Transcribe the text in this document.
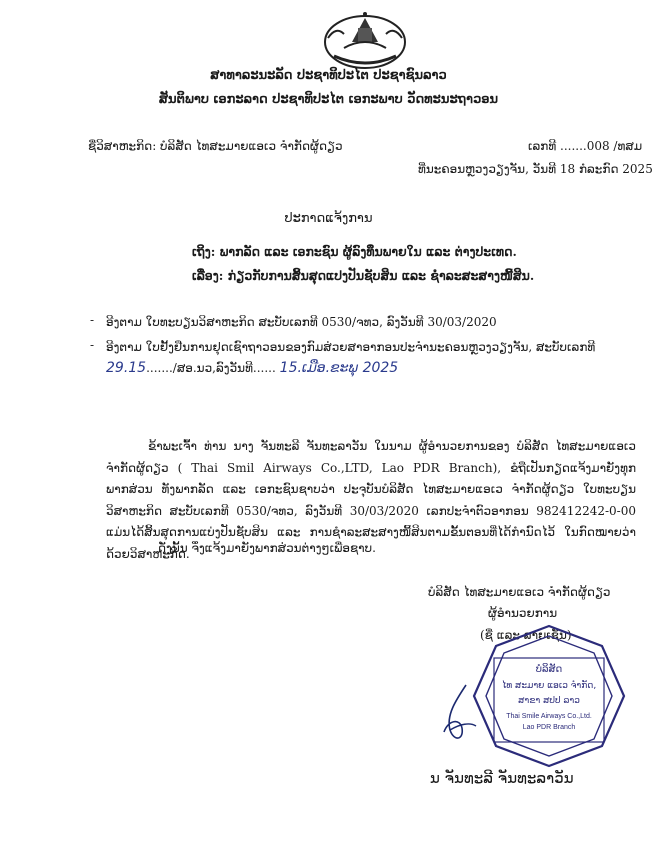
ສາທາລະນະລັດ ປະຊາທິປະໄຕ ປະຊາຊົນລາວ
ສັນຕິພາບ ເອກະລາດ ປະຊາທິປະໄຕ ເອກະພາບ ວັດທະນະຖາວອນ
ຊື່ວິສາຫະກິດ: ບໍລິສັດ ໄທສະມາຍແອເວ ຈຳກັດຜູ້ດຽວ	ເລກທີ .......008 /ທສມ
ທີ່ນະຄອນຫຼວງວຽງຈັນ, ວັນທີ 18 ກໍລະກົດ 2025
ປະກາດແຈ້ງການ
ເຖິງ: ພາກລັດ ແລະ ເອກະຊົນ ຜູ້ລົງທຶນພາຍໃນ ແລະ ຕ່າງປະເທດ.
ເລື່ອງ: ກ່ຽວກັບການສິ້ນສຸດແປງປັນຊັບສິນ ແລະ ຊຳລະສະສາງໜີ້ສິນ.
- ອີງຕາມ ໃບທະບຽນວິສາຫະກິດ ສະບັບເລກທີ 0530/ຈທວ, ລົງວັນທີ 30/03/2020
- ອີງຕາມ ໃບຢັ້ງຢືນການຢຸດເຊົາຖາວອນຂອງກົມສ່ວຍສາອາກອນປະຈຳນະຄອນຫຼວງວຽງຈັນ, ສະບັບເລກທີ
29.15......./ສອ.ນວ,ລົງວັນທີ...... 15.ເມືອ.ຂະພຸ 2025
ຂ້າພະເຈົ້າ ທ່ານ ນາງ ຈັນທະລີ ຈັນທະລາວັນ ໃນນາມ ຜູ້ອຳນວຍການຂອງ ບໍລິສັດ ໄທສະມາຍແອເວ ຈຳກັດຜູ້ດຽວ ( Thai Smil Airways Co.,LTD, Lao PDR Branch), ຂໍຖືເປັນກຽດແຈ້ງມາຍັງທຸກພາກສ່ວນ ທັງພາກລັດ ແລະ ເອກະຊົນຊາບວ່າ ປະຈຸບັນບໍລິສັດ ໄທສະມາຍແອເວ ຈຳກັດຜູ້ດຽວ ໃບທະບຽນວິສາຫະກິດ ສະບັບເລກທີ 0530/ຈທວ, ລົງວັນທີ 30/03/2020 ເລກປະຈຳຕົວອາກອນ 982412242-0-00 ແມ່ນໄດ້ສິ້ນສຸດການແບ່ງປັນຊັບສິນ ແລະ ການຊຳລະສະສາງໜີ້ສິນຕາມຂັ້ນຕອນທີ່ໄດ້ກຳນົດໄວ້ ໃນກົດໝາຍວ່າດ້ວຍວິສາຫະກິດ.
ດັ່ງນັ້ນ ຈຶ່ງແຈ້ງມາຍັງພາກສ່ວນຕ່າງໆເພື່ອຊາບ.
ບໍລິສັດ ໄທສະມາຍແອເວ ຈຳກັດຜູ້ດຽວ
ຜູ້ອຳນວຍການ
(ຊື່ ແລະ ລາຍເຊັນ)
ບໍລິສັດ
ໄທ ສະມາຍ ແອເວ ຈຳກັດ,
ສາຂາ ສປປ ລາວ
Thai Smile Airways Co.,Ltd.
Lao PDR Branch
ນ ຈັນທະລີ ຈັນທະລາວັນ
